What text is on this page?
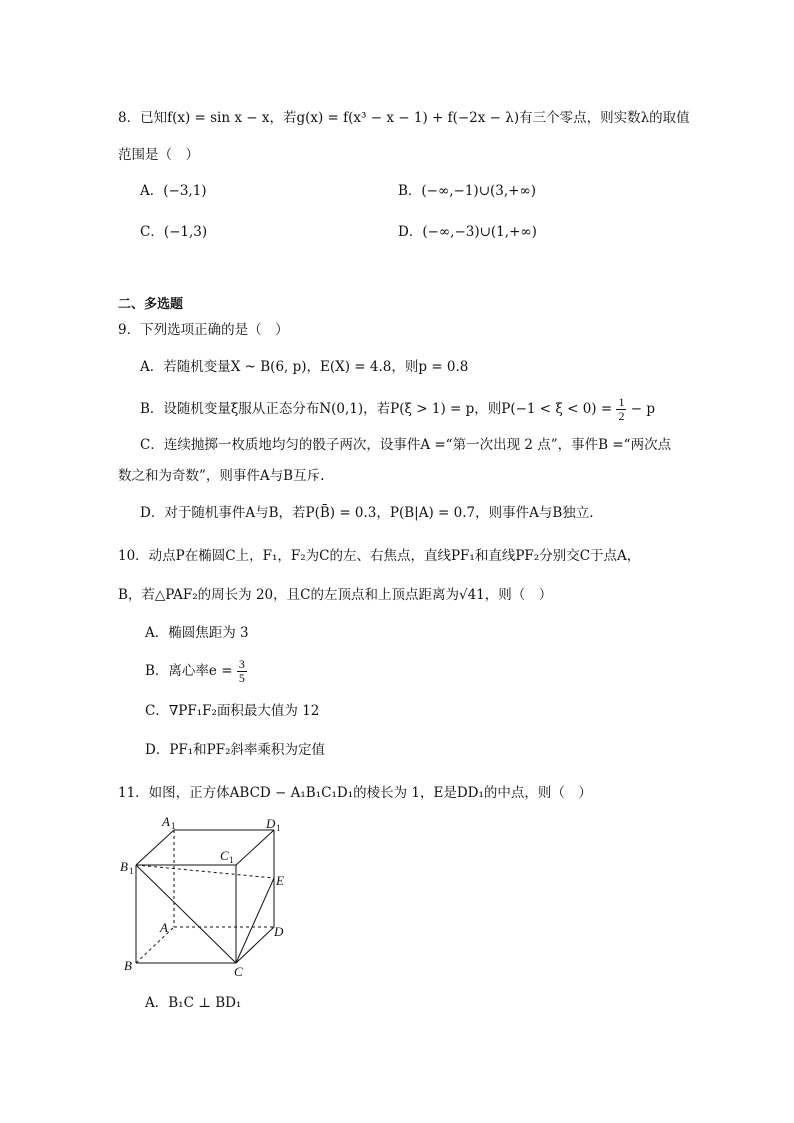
8．已知f(x) = sin x − x，若g(x) = f(x³ − x − 1) + f(−2x − λ)有三个零点，则实数λ的取值
范围是（　）
A．(−3,1)	B．(−∞,−1)∪(3,+∞)
C．(−1,3)	D．(−∞,−3)∪(1,+∞)
二、多选题
9．下列选项正确的是（　）
A．若随机变量X ~ B(6, p)，E(X) = 4.8，则p = 0.8
B．设随机变量ξ服从正态分布N(0,1)，若P(ξ > 1) = p，则$P(-1 < \xi < 0) = \frac{1}{2} - p$
C．连续抛掷一枚质地均匀的骰子两次，设事件A =“第一次出现 2 点”，事件B =“两次点
数之和为奇数”，则事件A与B互斥.
D．对于随机事件A与B，若P(B̄) = 0.3，P(B|A) = 0.7，则事件A与B独立.
10．动点P在椭圆C上，F₁，F₂为C的左、右焦点，直线PF₁和直线PF₂分别交C于点A，
B，若△PAF₂的周长为 20，且C的左顶点和上顶点距离为√41，则（　）
A．椭圆焦距为 3
B．离心率$e = \frac{3}{5}$
C．∇PF₁F₂面积最大值为 12
D．PF₁和PF₂斜率乘积为定值
11．如图，正方体ABCD − A₁B₁C₁D₁的棱长为 1，E是DD₁的中点，则（　）
A 1	D 1
C 1
B 1
E
A	D
B	C
A．B₁C ⊥ BD₁
